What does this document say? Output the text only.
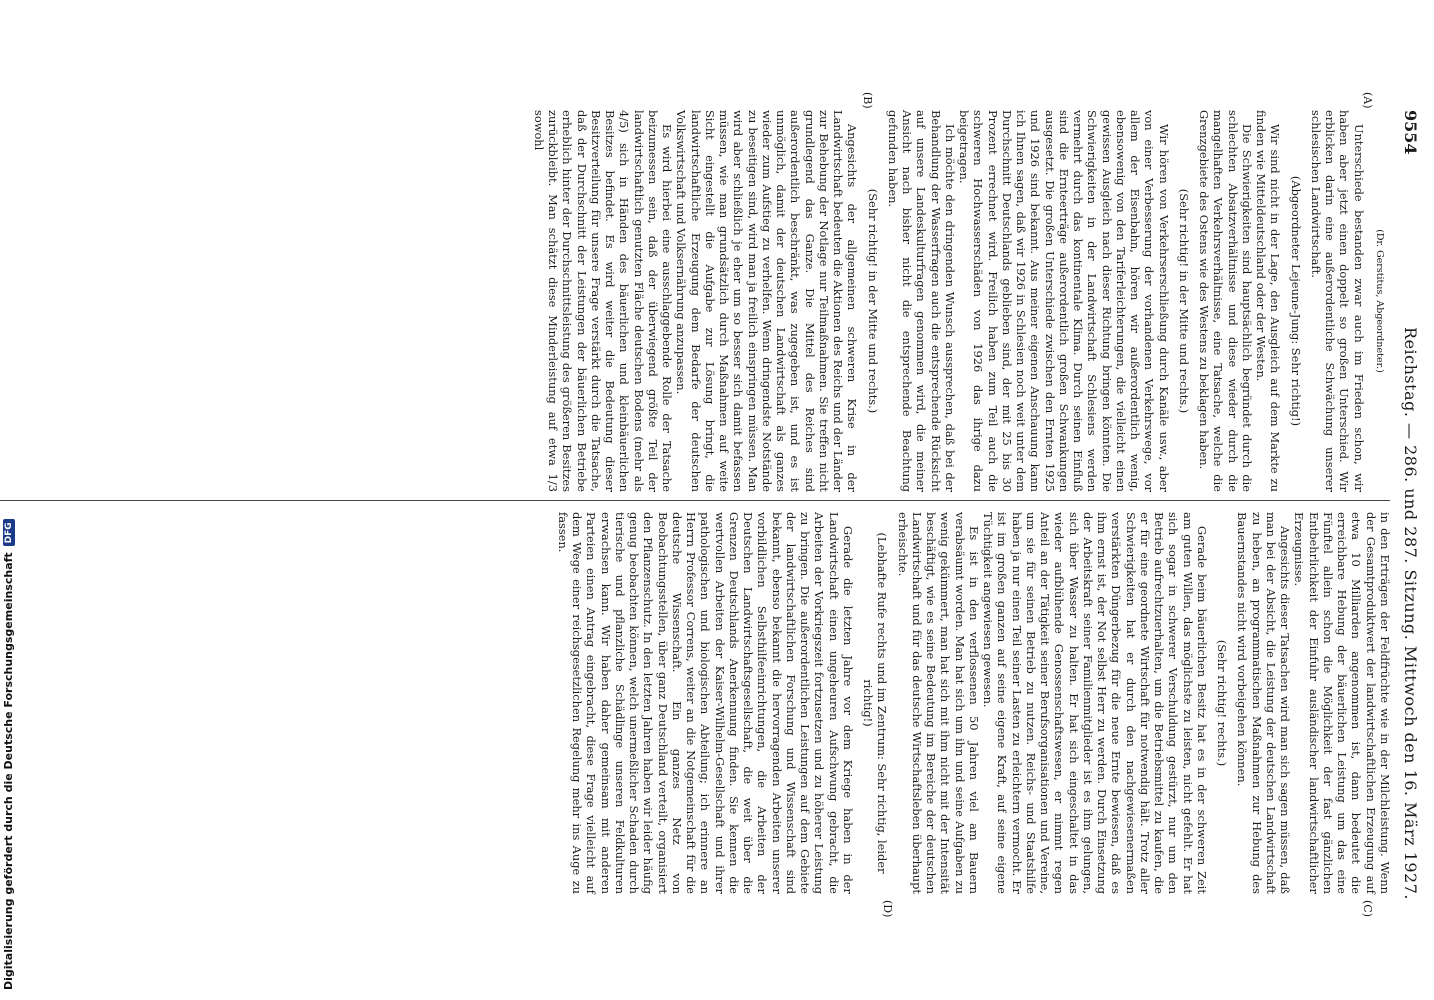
9554
Reichstag. — 286. und 287. Sitzung. Mittwoch den 16. März 1927.
(A)
(B)
(C)
(D)

(Dr. Gerstitus, Abgeordneter.)

Unterschiede bestanden zwar auch im Frieden schon, wir haben aber jetzt einen doppelt so großen Unterschied. Wir erblicken darin eine außerordentliche Schwächung unserer schlesischen Landwirtschaft.

(Abgeordneter Lejeune-Jung: Sehr richtig!)

Wir sind nicht in der Lage, den Ausgleich auf dem Markte zu finden wie Mitteldeutschland oder der Westen.

Die Schwierigkeiten sind hauptsächlich begründet durch die schlechten Absatzverhältnisse und diese wieder durch die mangelhaften Verkehrsverhältnisse, eine Tatsache, welche die Grenzgebiete des Ostens wie des Westens zu beklagen haben.

(Sehr richtig! in der Mitte und rechts.)

Wir hören von Verkehrserschließung durch Kanäle usw., aber von einer Verbesserung der vorhandenen Verkehrswege, vor allem der Eisenbahn, hören wir außerordentlich wenig, ebensowenig von den Tariferleichterungen, die vielleicht einen gewissen Ausgleich nach dieser Richtung bringen könnten. Die Schwierigkeiten in der Landwirtschaft Schlesiens werden vermehrt durch das kontinentale Klima. Durch seinen Einfluß sind die Ernteerträge außerordentlich großen Schwankungen ausgesetzt. Die großen Unterschiede zwischen den Ernten 1925 und 1926 sind bekannt. Aus meiner eigenen Anschauung kann ich Ihnen sagen, daß wir 1926 in Schlesien noch weit unter dem Durchschnitt Deutschlands geblieben sind, der mit 25 bis 30 Prozent errechnet wird. Freilich haben zum Teil auch die schweren Hochwasserschäden von 1926 das ihrige dazu beigetragen.

Ich möchte den dringenden Wunsch aussprechen, daß bei der Behandlung der Wasserfragen auch die entsprechende Rücksicht auf unsere Landeskulturfragen genommen wird, die meiner Ansicht nach bisher nicht die entsprechende Beachtung gefunden haben.

(Sehr richtig! in der Mitte und rechts.)

Angesichts der allgemeinen schweren Krise in der Landwirtschaft bedeuten die Aktionen des Reichs und der Länder zur Behebung der Notlage nur Teilmaßnahmen. Sie treffen nicht grundlegend das Ganze. Die Mittel des Reiches sind außerordentlich beschränkt, was zugegeben ist, und es ist unmöglich, damit der deutschen Landwirtschaft als ganzes wieder zum Aufstieg zu verhelfen. Wenn dringendste Notstände zu beseitigen sind, wird man ja freilich einspringen müssen. Man wird aber schließlich je eher um so besser sich damit befassen müssen, wie man grundsätzlich durch Maßnahmen auf weite Sicht eingestellt die Aufgabe zur Lösung bringt, die landwirtschaftliche Erzeugung dem Bedarfe der deutschen Volkswirtschaft und Volksernährung anzupassen.

Es wird hierbei eine ausschlaggebende Rolle der Tatsache beizumessen sein, daß der überwiegend größte Teil der landwirtschaftlich genutzten Fläche deutschen Bodens (mehr als 4/5) sich in Händen des bäuerlichen und kleinbäuerlichen Besitzes befindet. Es wird weiter die Bedeutung dieser Besitzverteilung für unsere Frage verstärkt durch die Tatsache, daß der Durchschnitt der Leistungen der bäuerlichen Betriebe erheblich hinter der Durchschnittsleistung des größeren Besitzes zurückbleibt. Man schätzt diese Minderleistung auf etwa 1/3 sowohl

in den Erträgen der Feldfrüchte wie in der Milchleistung. Wenn der Gesamtproduktwert der landwirtschaftlichen Erzeugung auf etwa 10 Milliarden angenommen ist, dann bedeutet die erreichbare Hebung der bäuerlichen Leistung um das eine Fünftel allein schon die Möglichkeit der fast gänzlichen Entbehrlichkeit der Einfuhr ausländischer landwirtschaftlicher Erzeugnisse.

Angesichts dieser Tatsachen wird man sich sagen müssen, daß man bei der Absicht, die Leistung der deutschen Landwirtschaft zu heben, an programmatischen Maßnahmen zur Hebung des Bauernstandes nicht wird vorbeigehen können.

(Sehr richtig! rechts.)

Gerade beim bäuerlichen Besitz hat es in der schweren Zeit am guten Willen, das möglichste zu leisten, nicht gefehlt. Er hat sich sogar in schwerer Verschuldung gestürzt, nur um den Betrieb aufrechtzuerhalten, um die Betriebsmittel zu kaufen, die er für eine geordnete Wirtschaft für notwendig hält. Trotz aller Schwierigkeiten hat er durch den nachgewiesenermaßen verstärkten Düngerbezug für die neue Ernte bewiesen, daß es ihm ernst ist, der Not selbst Herr zu werden. Durch Einsetzung der Arbeitskraft seiner Familienmitglieder ist es ihm gelungen, sich über Wasser zu halten. Er hat sich eingeschaltet in das wieder aufblühende Genossenschaftswesen, er nimmt regen Anteil an der Tätigkeit seiner Berufsorganisationen und Vereine, um sie für seinen Betrieb zu nutzen. Reichs- und Staatshilfe haben ja nur einen Teil seiner Lasten zu erleichtern vermocht. Er ist im großen ganzen auf seine eigene Kraft, auf seine eigene Tüchtigkeit angewiesen gewesen.

Es ist in den verflossenen 50 Jahren viel am Bauern verabsäumt worden. Man hat sich um ihn und seine Aufgaben zu wenig gekümmert, man hat sich mit ihm nicht mit der Intensität beschäftigt, wie es seine Bedeutung im Bereiche der deutschen Landwirtschaft und für das deutsche Wirtschaftsleben überhaupt erheischte.

(Lebhafte Rufe rechts und im Zentrum: Sehr richtig, leider richtig!)

Gerade die letzten Jahre vor dem Kriege haben in der Landwirtschaft einen ungeheuren Aufschwung gebracht, die Arbeiten der Vorkriegszeit fortzusetzen und zu höherer Leistung zu bringen. Die außerordentlichen Leistungen auf dem Gebiete der landwirtschaftlichen Forschung und Wissenschaft sind bekannt, ebenso bekannt die hervorragenden Arbeiten unserer vorbildlichen Selbsthilfeeinrichtungen, die Arbeiten der Deutschen Landwirtschaftsgesellschaft, die weit über die Grenzen Deutschlands Anerkennung finden. Sie kennen die wertvollen Arbeiten der Kaiser-Wilhelm-Gesellschaft und ihrer pathologischen und biologischen Abteilung; ich erinnere an Herrn Professor Correns, weiter an die Notgemeinschaft für die deutsche Wissenschaft. Ein ganzes Netz von Beobachtungsstellen, über ganz Deutschland verteilt, organisiert den Pflanzenschutz. In den letzten Jahren haben wir leider häufig genug beobachten können, welch unermeßlicher Schaden durch tierische und pflanzliche Schädlinge unseren Feldkulturen erwachsen kann. Wir haben daher gemeinsam mit anderen Parteien einen Antrag eingebracht, diese Frage vielleicht auf dem Wege einer reichsgesetzlichen Regelung mehr ins Auge zu fassen.

Digitalisierung gefördert durch die Deutsche Forschungsgemeinschaft
DFG
